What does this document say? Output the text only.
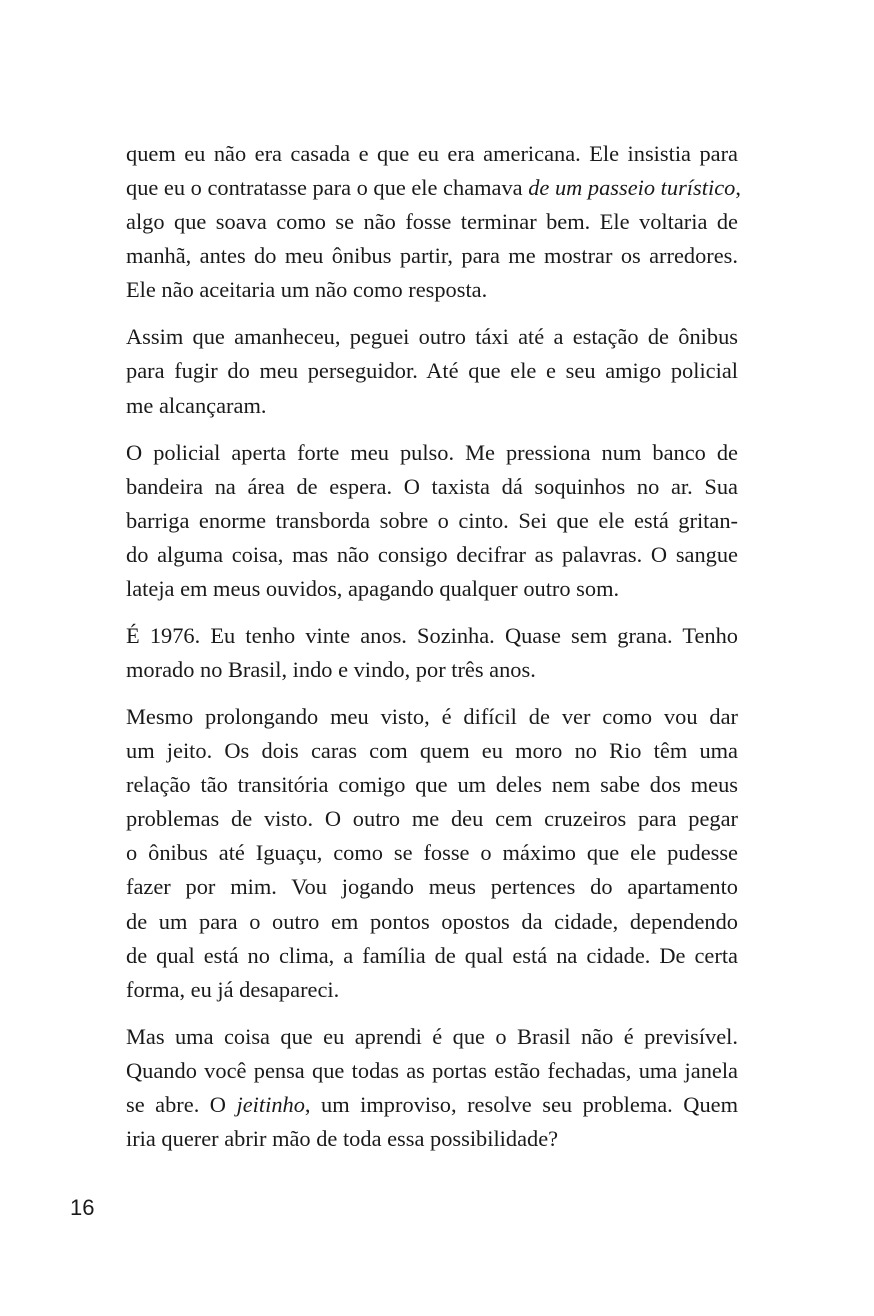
quem eu não era casada e que eu era americana. Ele insistia para
que eu o contratasse para o que ele chamava de um passeio turístico,
algo que soava como se não fosse terminar bem. Ele voltaria de
manhã, antes do meu ônibus partir, para me mostrar os arredores.
Ele não aceitaria um não como resposta.
Assim que amanheceu, peguei outro táxi até a estação de ônibus
para fugir do meu perseguidor. Até que ele e seu amigo policial
me alcançaram.
O policial aperta forte meu pulso. Me pressiona num banco de
bandeira na área de espera. O taxista dá soquinhos no ar. Sua
barriga enorme transborda sobre o cinto. Sei que ele está gritan-
do alguma coisa, mas não consigo decifrar as palavras. O sangue
lateja em meus ouvidos, apagando qualquer outro som.
É 1976. Eu tenho vinte anos. Sozinha. Quase sem grana. Tenho
morado no Brasil, indo e vindo, por três anos.
Mesmo prolongando meu visto, é difícil de ver como vou dar
um jeito. Os dois caras com quem eu moro no Rio têm uma
relação tão transitória comigo que um deles nem sabe dos meus
problemas de visto. O outro me deu cem cruzeiros para pegar
o ônibus até Iguaçu, como se fosse o máximo que ele pudesse
fazer por mim. Vou jogando meus pertences do apartamento
de um para o outro em pontos opostos da cidade, dependendo
de qual está no clima, a família de qual está na cidade. De certa
forma, eu já desapareci.
Mas uma coisa que eu aprendi é que o Brasil não é previsível.
Quando você pensa que todas as portas estão fechadas, uma janela
se abre. O jeitinho, um improviso, resolve seu problema. Quem
iria querer abrir mão de toda essa possibilidade?
16
